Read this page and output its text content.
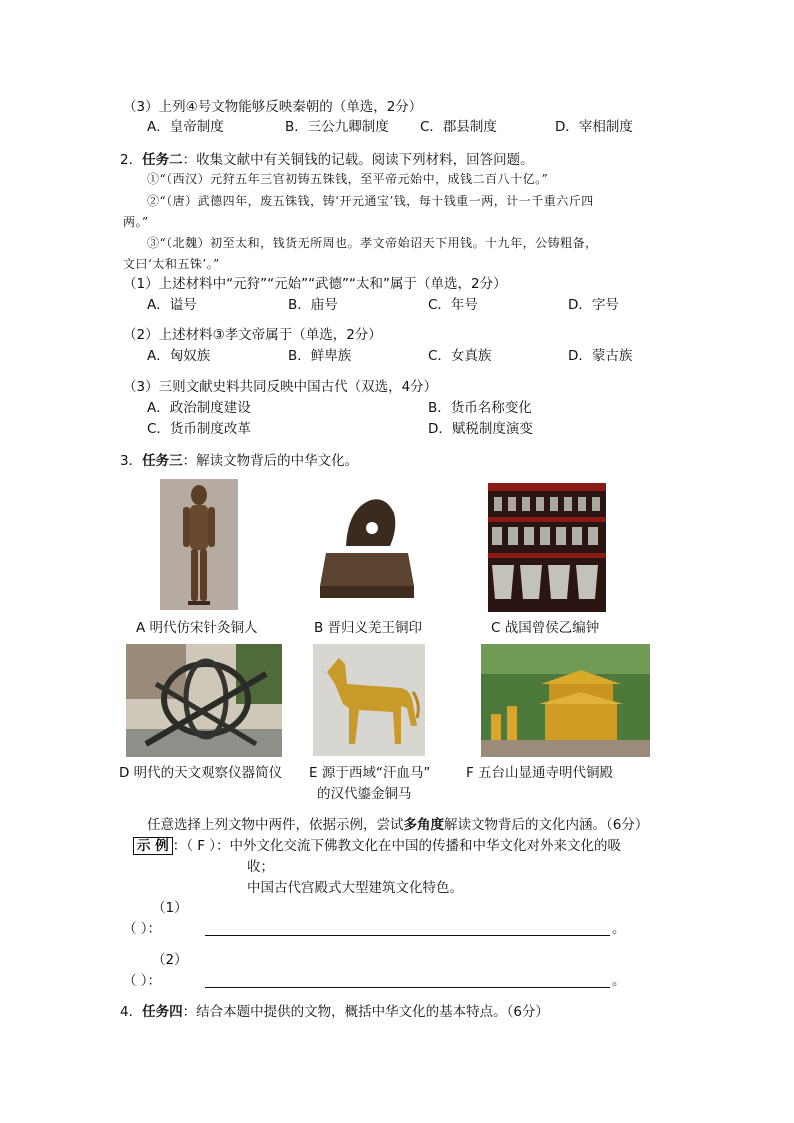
（3）上列④号文物能够反映秦朝的（单选，2分）
A．皇帝制度	B．三公九卿制度 C．郡县制度	D．宰相制度
2．任务二：收集文献中有关铜钱的记载。阅读下列材料，回答问题。
①“（西汉）元狩五年三官初铸五铢钱，至平帝元始中，成钱二百八十亿。”
②“（唐）武德四年，废五铢钱，铸‘开元通宝’钱，每十钱重一两，计一千重六斤四
两。”
③“（北魏）初至太和，钱货无所周也。孝文帝始诏天下用钱。十九年，公铸粗备，
文曰‘太和五铢’。”
（1）上述材料中“元狩”“元始”“武德”“太和”属于（单选，2分）
A．谥号	B．庙号	C．年号	D．字号
（2）上述材料③孝文帝属于（单选，2分）
A．匈奴族	B．鲜卑族	C．女真族	D．蒙古族
（3）三则文献史料共同反映中国古代（双选，4分）
A．政治制度建设	B．货币名称变化
C．货币制度改革	D．赋税制度演变
3．任务三：解读文物背后的中华文化。
A 明代仿宋针灸铜人	B 晋归义羌王铜印	C 战国曾侯乙编钟
D 明代的天文观察仪器简仪 E 源于西域“汗血马”
的汉代鎏金铜马
F 五台山显通寺明代铜殿
任意选择上列文物中两件，依据示例，尝试多角度解读文物背后的文化内涵。（6分）
示 例 ：（ F ）：中外文化交流下佛教文化在中国的传播和中华文化对外来文化的吸
收；
中国古代宫殿式大型建筑文化特色。
（1）
（ ）：	。
（2）
（ ）：	。
4．任务四：结合本题中提供的文物，概括中华文化的基本特点。（6分）
